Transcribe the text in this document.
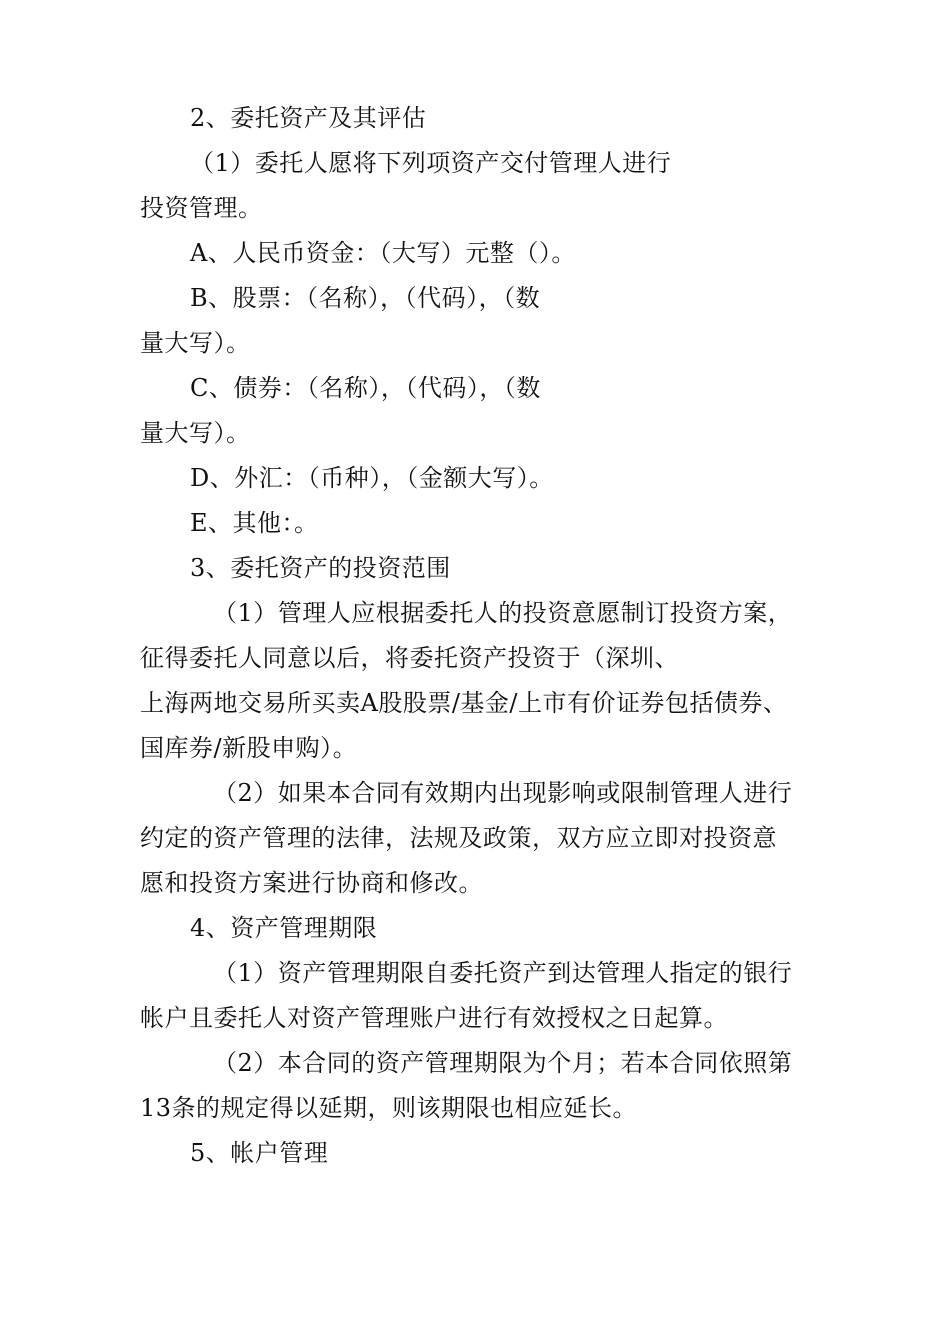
2、委托资产及其评估
（1）委托人愿将下列项资产交付管理人进行
投资管理。
A、人民币资金：（大写）元整（）。
B、股票：（名称），（代码），（数
量大写）。
C、债券：（名称），（代码），（数
量大写）。
D、外汇：（币种），（金额大写）。
E、其他：。
3、委托资产的投资范围
（1）管理人应根据委托人的投资意愿制订投资方案，
征得委托人同意以后，将委托资产投资于（深圳、
上海两地交易所买卖A股股票/基金/上市有价证券包括债券、
国库券/新股申购）。
（2）如果本合同有效期内出现影响或限制管理人进行
约定的资产管理的法律，法规及政策，双方应立即对投资意
愿和投资方案进行协商和修改。
4、资产管理期限
（1）资产管理期限自委托资产到达管理人指定的银行
帐户且委托人对资产管理账户进行有效授权之日起算。
（2）本合同的资产管理期限为个月；若本合同依照第
13条的规定得以延期，则该期限也相应延长。
5、帐户管理
